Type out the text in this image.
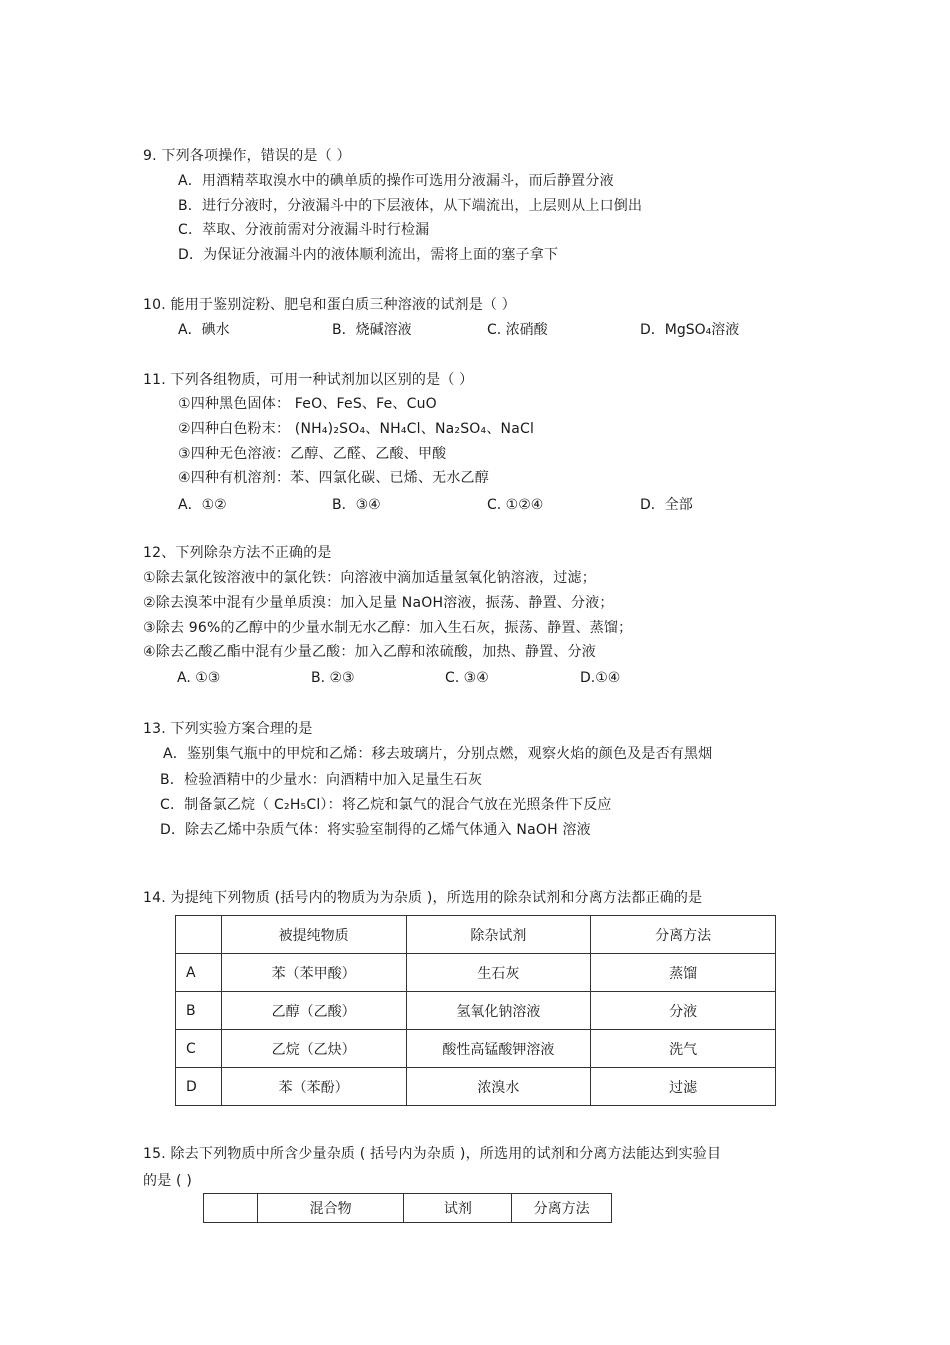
9. 下列各项操作，错误的是（ ）
A．用酒精萃取溴水中的碘单质的操作可选用分液漏斗，而后静置分液
B．进行分液时，分液漏斗中的下层液体，从下端流出，上层则从上口倒出
C．萃取、分液前需对分液漏斗时行检漏
D．为保证分液漏斗内的液体顺利流出，需将上面的塞子拿下
10. 能用于鉴别淀粉、肥皂和蛋白质三种溶液的试剂是（ ）
A．碘水	B．烧碱溶液	C. 浓硝酸	D．MgSO₄溶液
11. 下列各组物质，可用一种试剂加以区别的是（ ）
①四种黑色固体： FeO、FeS、Fe、CuO
②四种白色粉末： (NH₄)₂SO₄、NH₄Cl、Na₂SO₄、NaCl
③四种无色溶液：乙醇、乙醛、乙酸、甲酸
④四种有机溶剂：苯、四氯化碳、已烯、无水乙醇
A．①②	B．③④	C. ①②④	D．全部
12、下列除杂方法不正确的是
①除去氯化铵溶液中的氯化铁：向溶液中滴加适量氢氧化钠溶液，过滤；
②除去溴苯中混有少量单质溴：加入足量 NaOH溶液，振荡、静置、分液；
③除去 96%的乙醇中的少量水制无水乙醇：加入生石灰，振荡、静置、蒸馏；
④除去乙酸乙酯中混有少量乙酸：加入乙醇和浓硫酸，加热、静置、分液
A. ①③	B. ②③	C. ③④	D.①④
13. 下列实验方案合理的是
A．鉴别集气瓶中的甲烷和乙烯：移去玻璃片，分别点燃，观察火焰的颜色及是否有黑烟
B．检验酒精中的少量水：向酒精中加入足量生石灰
C．制备氯乙烷（ C₂H₅Cl）：将乙烷和氯气的混合气放在光照条件下反应
D．除去乙烯中杂质气体：将实验室制得的乙烯气体通入 NaOH 溶液
14. 为提纯下列物质 (括号内的物质为为杂质 )，所选用的除杂试剂和分离方法都正确的是
	被提纯物质	除杂试剂	分离方法
A	苯（苯甲酸）	生石灰	蒸馏
B	乙醇（乙酸）	氢氧化钠溶液	分液
C	乙烷（乙炔）	酸性高锰酸钾溶液	洗气
D	苯（苯酚）	浓溴水	过滤
15. 除去下列物质中所含少量杂质 ( 括号内为杂质 )，所选用的试剂和分离方法能达到实验目
的是 ( )
	混合物	试剂	分离方法
